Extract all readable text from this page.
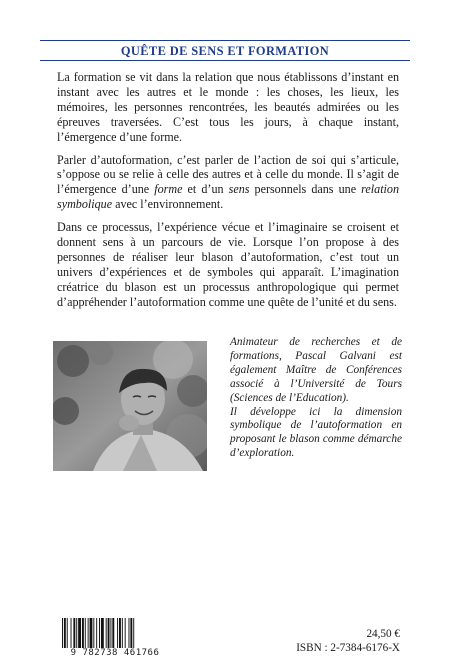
QUÊTE DE SENS ET FORMATION

La formation se vit dans la relation que nous établissons d’instant en instant avec les autres et le monde : les choses, les lieux, les mémoires, les personnes rencontrées, les beautés admirées ou les épreuves traversées. C’est tous les jours, à chaque instant, l’émergence d’une forme.

Parler d’autoformation, c’est parler de l’action de soi qui s’articule, s’oppose ou se relie à celle des autres et à celle du monde. Il s’agit de l’émergence d’une forme et d’un sens personnels dans une relation symbolique avec l’environnement.

Dans ce processus, l’expérience vécue et l’imaginaire se croisent et donnent sens à un parcours de vie. Lorsque l’on propose à des personnes de réaliser leur blason d’autoformation, c’est tout un univers d’expériences et de symboles qui apparaît. L’imagination créatrice du blason est un processus anthropologique qui permet d’appréhender l’autoformation comme une quête de l’unité et du sens.

Animateur de recherches et de formations, Pascal Galvani est également Maître de Conférences associé à l’Université de Tours (Sciences de l’Education).

Il développe ici la dimension symbolique de l’autoformation en proposant le blason comme démarche d’exploration.

9 782738 461766
24,50 €
ISBN : 2-7384-6176-X
